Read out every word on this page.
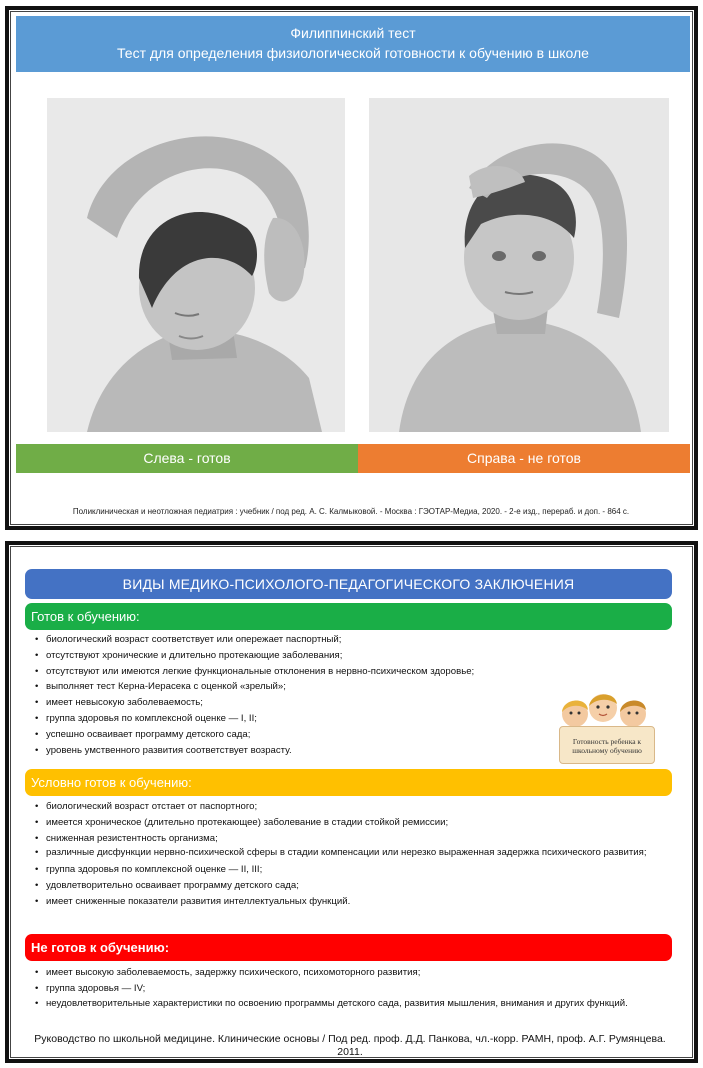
Филиппинский тест
Тест для определения физиологической готовности к обучению в школе
Слева - готов	Справа - не готов
Поликлиническая и неотложная педиатрия : учебник / под ред. А. С. Калмыковой. - Москва : ГЭОТАР-Медиа, 2020. - 2-е изд., перераб. и доп. - 864 с.
ВИДЫ МЕДИКО-ПСИХОЛОГО-ПЕДАГОГИЧЕСКОГО ЗАКЛЮЧЕНИЯ
Готов к обучению:
• биологический возраст соответствует или опережает паспортный;
• отсутствуют хронические и длительно протекающие заболевания;
• отсутствуют или имеются легкие функциональные отклонения в нервно-психическом здоровье;
• выполняет тест Керна-Иерасека с оценкой «зрелый»;
• имеет невысокую заболеваемость;
• группа здоровья по комплексной оценке — I, II;
• успешно осваивает программу детского сада;
• уровень умственного развития соответствует возрасту.
Готовность ребенка к школьному обучению
Условно готов к обучению:
• биологический возраст отстает от паспортного;
• имеется хроническое (длительно протекающее) заболевание в стадии стойкой ремиссии;
• сниженная резистентность организма;
• различные дисфункции нервно-психической сферы в стадии компенсации или нерезко выраженная задержка психического развития;
• группа здоровья по комплексной оценке — II, III;
• удовлетворительно осваивает программу детского сада;
• имеет сниженные показатели развития интеллектуальных функций.
Не готов к обучению:
• имеет высокую заболеваемость, задержку психического, психомоторного развития;
• группа здоровья — IV;
• неудовлетворительные характеристики по освоению программы детского сада, развития мышления, внимания и других функций.
Руководство по школьной медицине. Клинические основы / Под ред. проф. Д.Д. Панкова, чл.-корр. РАМН, проф. А.Г. Румянцева. 2011.
